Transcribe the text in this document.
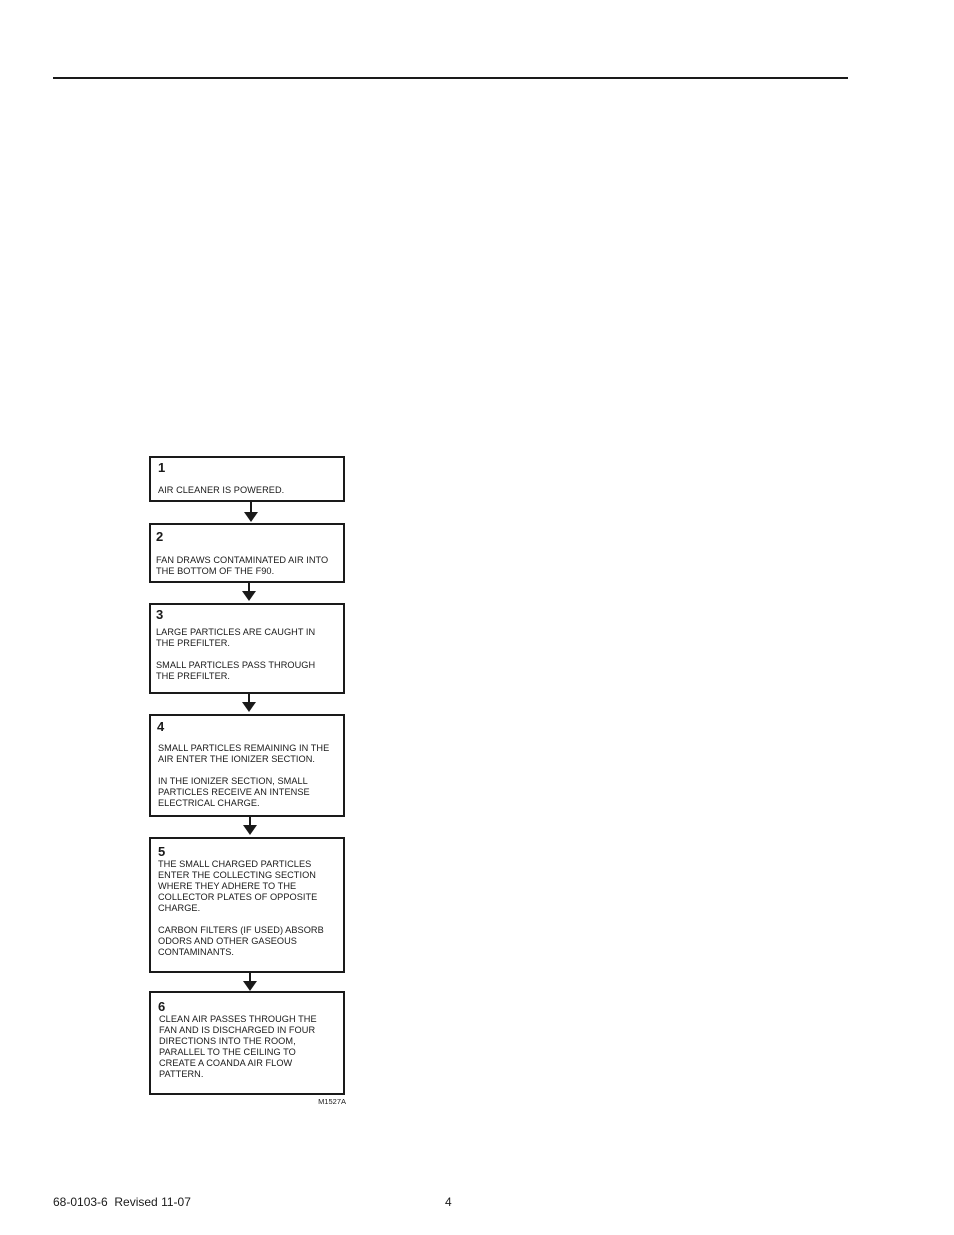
1

AIR CLEANER IS POWERED.

2

FAN DRAWS CONTAMINATED AIR INTO
THE BOTTOM OF THE F90.

3

LARGE PARTICLES ARE CAUGHT IN
THE PREFILTER.

SMALL PARTICLES PASS THROUGH
THE PREFILTER.

4

SMALL PARTICLES REMAINING IN THE
AIR ENTER THE IONIZER SECTION.

IN THE IONIZER SECTION, SMALL
PARTICLES RECEIVE AN INTENSE
ELECTRICAL CHARGE.

5

THE SMALL CHARGED PARTICLES
ENTER THE COLLECTING SECTION
WHERE THEY ADHERE TO THE
COLLECTOR PLATES OF OPPOSITE
CHARGE.

CARBON FILTERS (IF USED) ABSORB
ODORS AND OTHER GASEOUS
CONTAMINANTS.

6

CLEAN AIR PASSES THROUGH THE
FAN AND IS DISCHARGED IN FOUR
DIRECTIONS INTO THE ROOM,
PARALLEL TO THE CEILING TO
CREATE A COANDA AIR FLOW
PATTERN.

M1527A
68-0103-6  Revised 11-07	4
